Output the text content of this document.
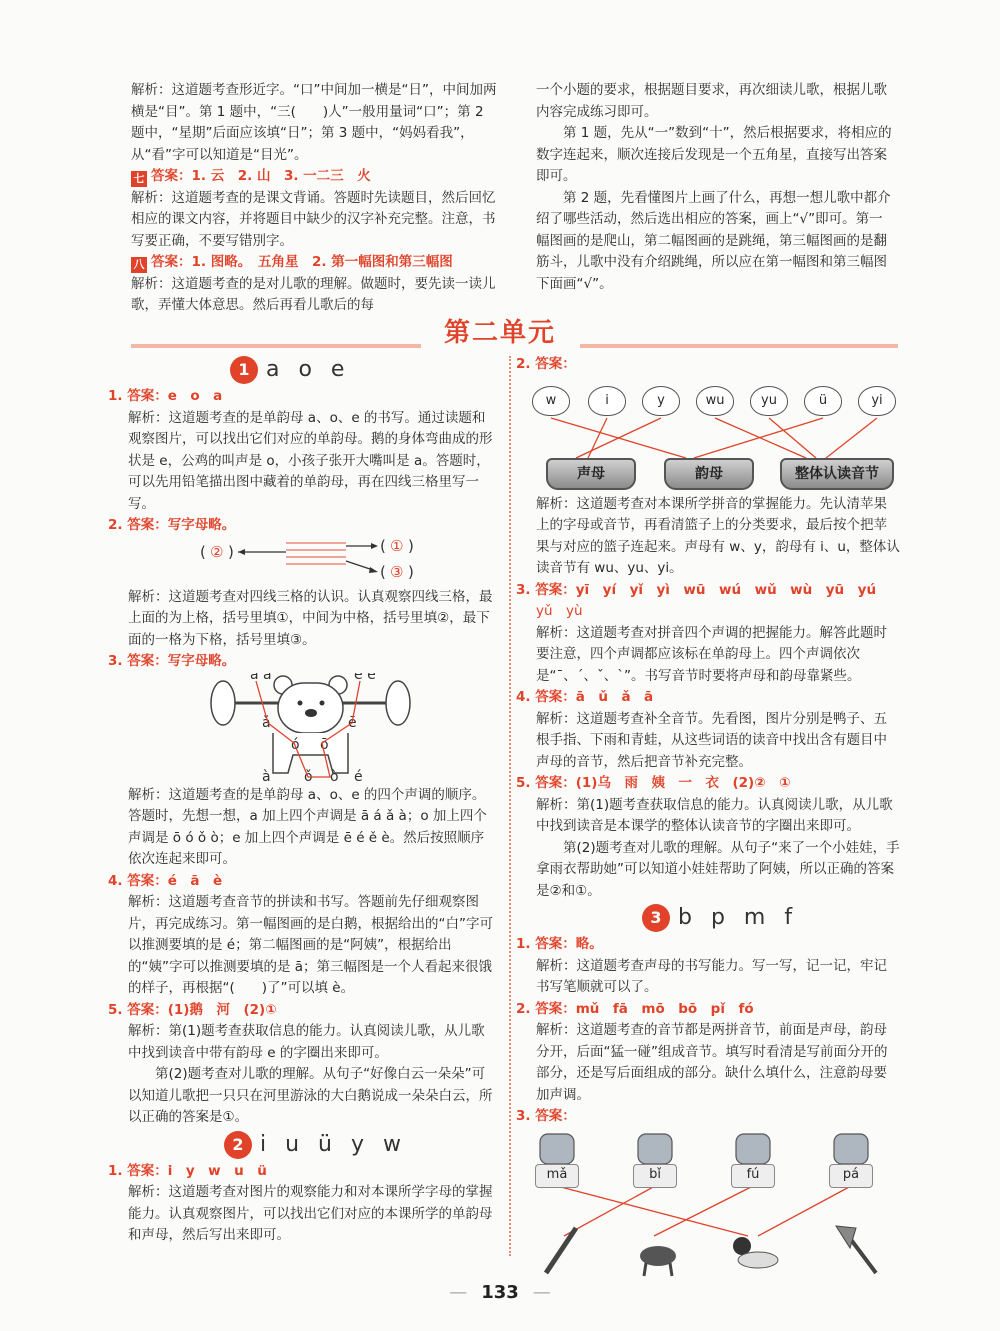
解析：这道题考查形近字。“口”中间加一横是“日”，中间加两横是“目”。第 1 题中，“三(　　)人”一般用量词“口”；第 2 题中，“星期”后面应该填“日”；第 3 题中，“妈妈看我”，从“看”字可以知道是“目光”。

七 答案：1. 云　2. 山　3. 一二三　火

解析：这道题考查的是课文背诵。答题时先读题目，然后回忆相应的课文内容，并将题目中缺少的汉字补充完整。注意，书写要正确，不要写错別字。

八 答案：1. 图略。　五角星　2. 第一幅图和第三幅图

解析：这道题考查的是对儿歌的理解。做题时，要先读一读儿歌，弄懂大体意思。然后再看儿歌后的每

一个小题的要求，根据题目要求，再次细读儿歌，根据儿歌内容完成练习即可。

第 1 题，先从“一”数到“十”，然后根据要求，将相应的数字连起来，顺次连接后发现是一个五角星，直接写出答案即可。

第 2 题，先看懂图片上画了什么，再想一想儿歌中都介绍了哪些活动，然后选出相应的答案，画上“√”即可。第一幅图画的是爬山，第二幅图画的是跳绳，第三幅图画的是翻筋斗，儿歌中没有介绍跳绳，所以应在第一幅图和第三幅图下面画“√”。

第二单元
1 a o e

1. 答案：e　o　a

解析：这道题考查的是单韵母 a、o、e 的书写。通过读题和观察图片，可以找出它们对应的单韵母。鹅的身体弯曲成的形状是 e，公鸡的叫声是 o，小孩子张开大嘴叫是 a。答题时，可以先用铅笔描出图中藏着的单韵母，再在四线三格里写一写。

2. 答案：写字母略。

( ② )	( ① )
( ③ )

解析：这道题考查对四线三格的认识。认真观察四线三格，最上面的为上格，括号里填①，中间为中格，括号里填②，最下面的一格为下格，括号里填③。

3. 答案：写字母略。

ā á	ě è
ǎ	ē
ó ō
à ǒ ò é

解析：这道题考查的是单韵母 a、o、e 的四个声调的顺序。答题时，先想一想，a 加上四个声调是 ā á ǎ à；o 加上四个声调是 ō ó ǒ ò；e 加上四个声调是 ē é ě è。然后按照顺序依次连起来即可。

4. 答案：é　ā　è

解析：这道题考查音节的拼读和书写。答题前先仔细观察图片，再完成练习。第一幅图画的是白鹅，根据给出的“白”字可以推测要填的是 é；第二幅图画的是“阿姨”，根据给出的“姨”字可以推测要填的是 ā；第三幅图是一个人看起来很饿的样子，再根据“(　　)了”可以填 è。

5. 答案：(1)鹅　河　(2)①

解析：第(1)题考查获取信息的能力。认真阅读儿歌，从儿歌中找到读音中带有韵母 e 的字圈出来即可。

第(2)题考查对儿歌的理解。从句子“好像白云一朵朵”可以知道儿歌把一只只在河里游泳的大白鹅说成一朵朵白云，所以正确的答案是①。

2 i u ü y w

1. 答案：i　y　w　u　ü

解析：这道题考查对图片的观察能力和对本课所学字母的掌握能力。认真观察图片，可以找出它们对应的本课所学的单韵母和声母，然后写出来即可。

2. 答案：

w	i	y	wu	yu	ü	yi
声母	韵母	整体认读音节

解析：这道题考查对本课所学拼音的掌握能力。先认清苹果上的字母或音节，再看清篮子上的分类要求，最后按个把苹果与对应的篮子连起来。声母有 w、y，韵母有 i、u，整体认读音节有 wu、yu、yi。

3. 答案：yī　yí　yǐ　yì　wū　wú　wǔ　wù　yū　yú

yǔ　yù

解析：这道题考查对拼音四个声调的把握能力。解答此题时要注意，四个声调都应该标在单韵母上。四个声调依次是“ˉ、ˊ、ˇ、ˋ”。书写音节时要将声母和韵母靠紧些。

4. 答案：ā　ǔ　ǎ　ā

解析：这道题考查补全音节。先看图，图片分别是鸭子、五根手指、下雨和青蛙，从这些词语的读音中找出含有题目中声母的音节，然后把音节补充完整。

5. 答案：(1)乌　雨　姨　一　衣　(2)②　①

解析：第(1)题考查获取信息的能力。认真阅读儿歌，从儿歌中找到读音是本课学的整体认读音节的字圈出来即可。

第(2)题考查对儿歌的理解。从句子“来了一个小娃娃，手拿雨衣帮助她”可以知道小娃娃帮助了阿姨，所以正确的答案是②和①。

3 b p m f

1. 答案：略。

解析：这道题考查声母的书写能力。写一写，记一记，牢记书写笔顺就可以了。

2. 答案：mǔ　fā　mō　bō　pǐ　fó

解析：这道题考查的音节都是两拼音节，前面是声母，韵母分开，后面“猛一碰”组成音节。填写时看清是写前面分开的部分，还是写后面组成的部分。缺什么填什么，注意韵母要加声调。

3. 答案：

mǎ	bǐ	fú	pá
— 133 —
